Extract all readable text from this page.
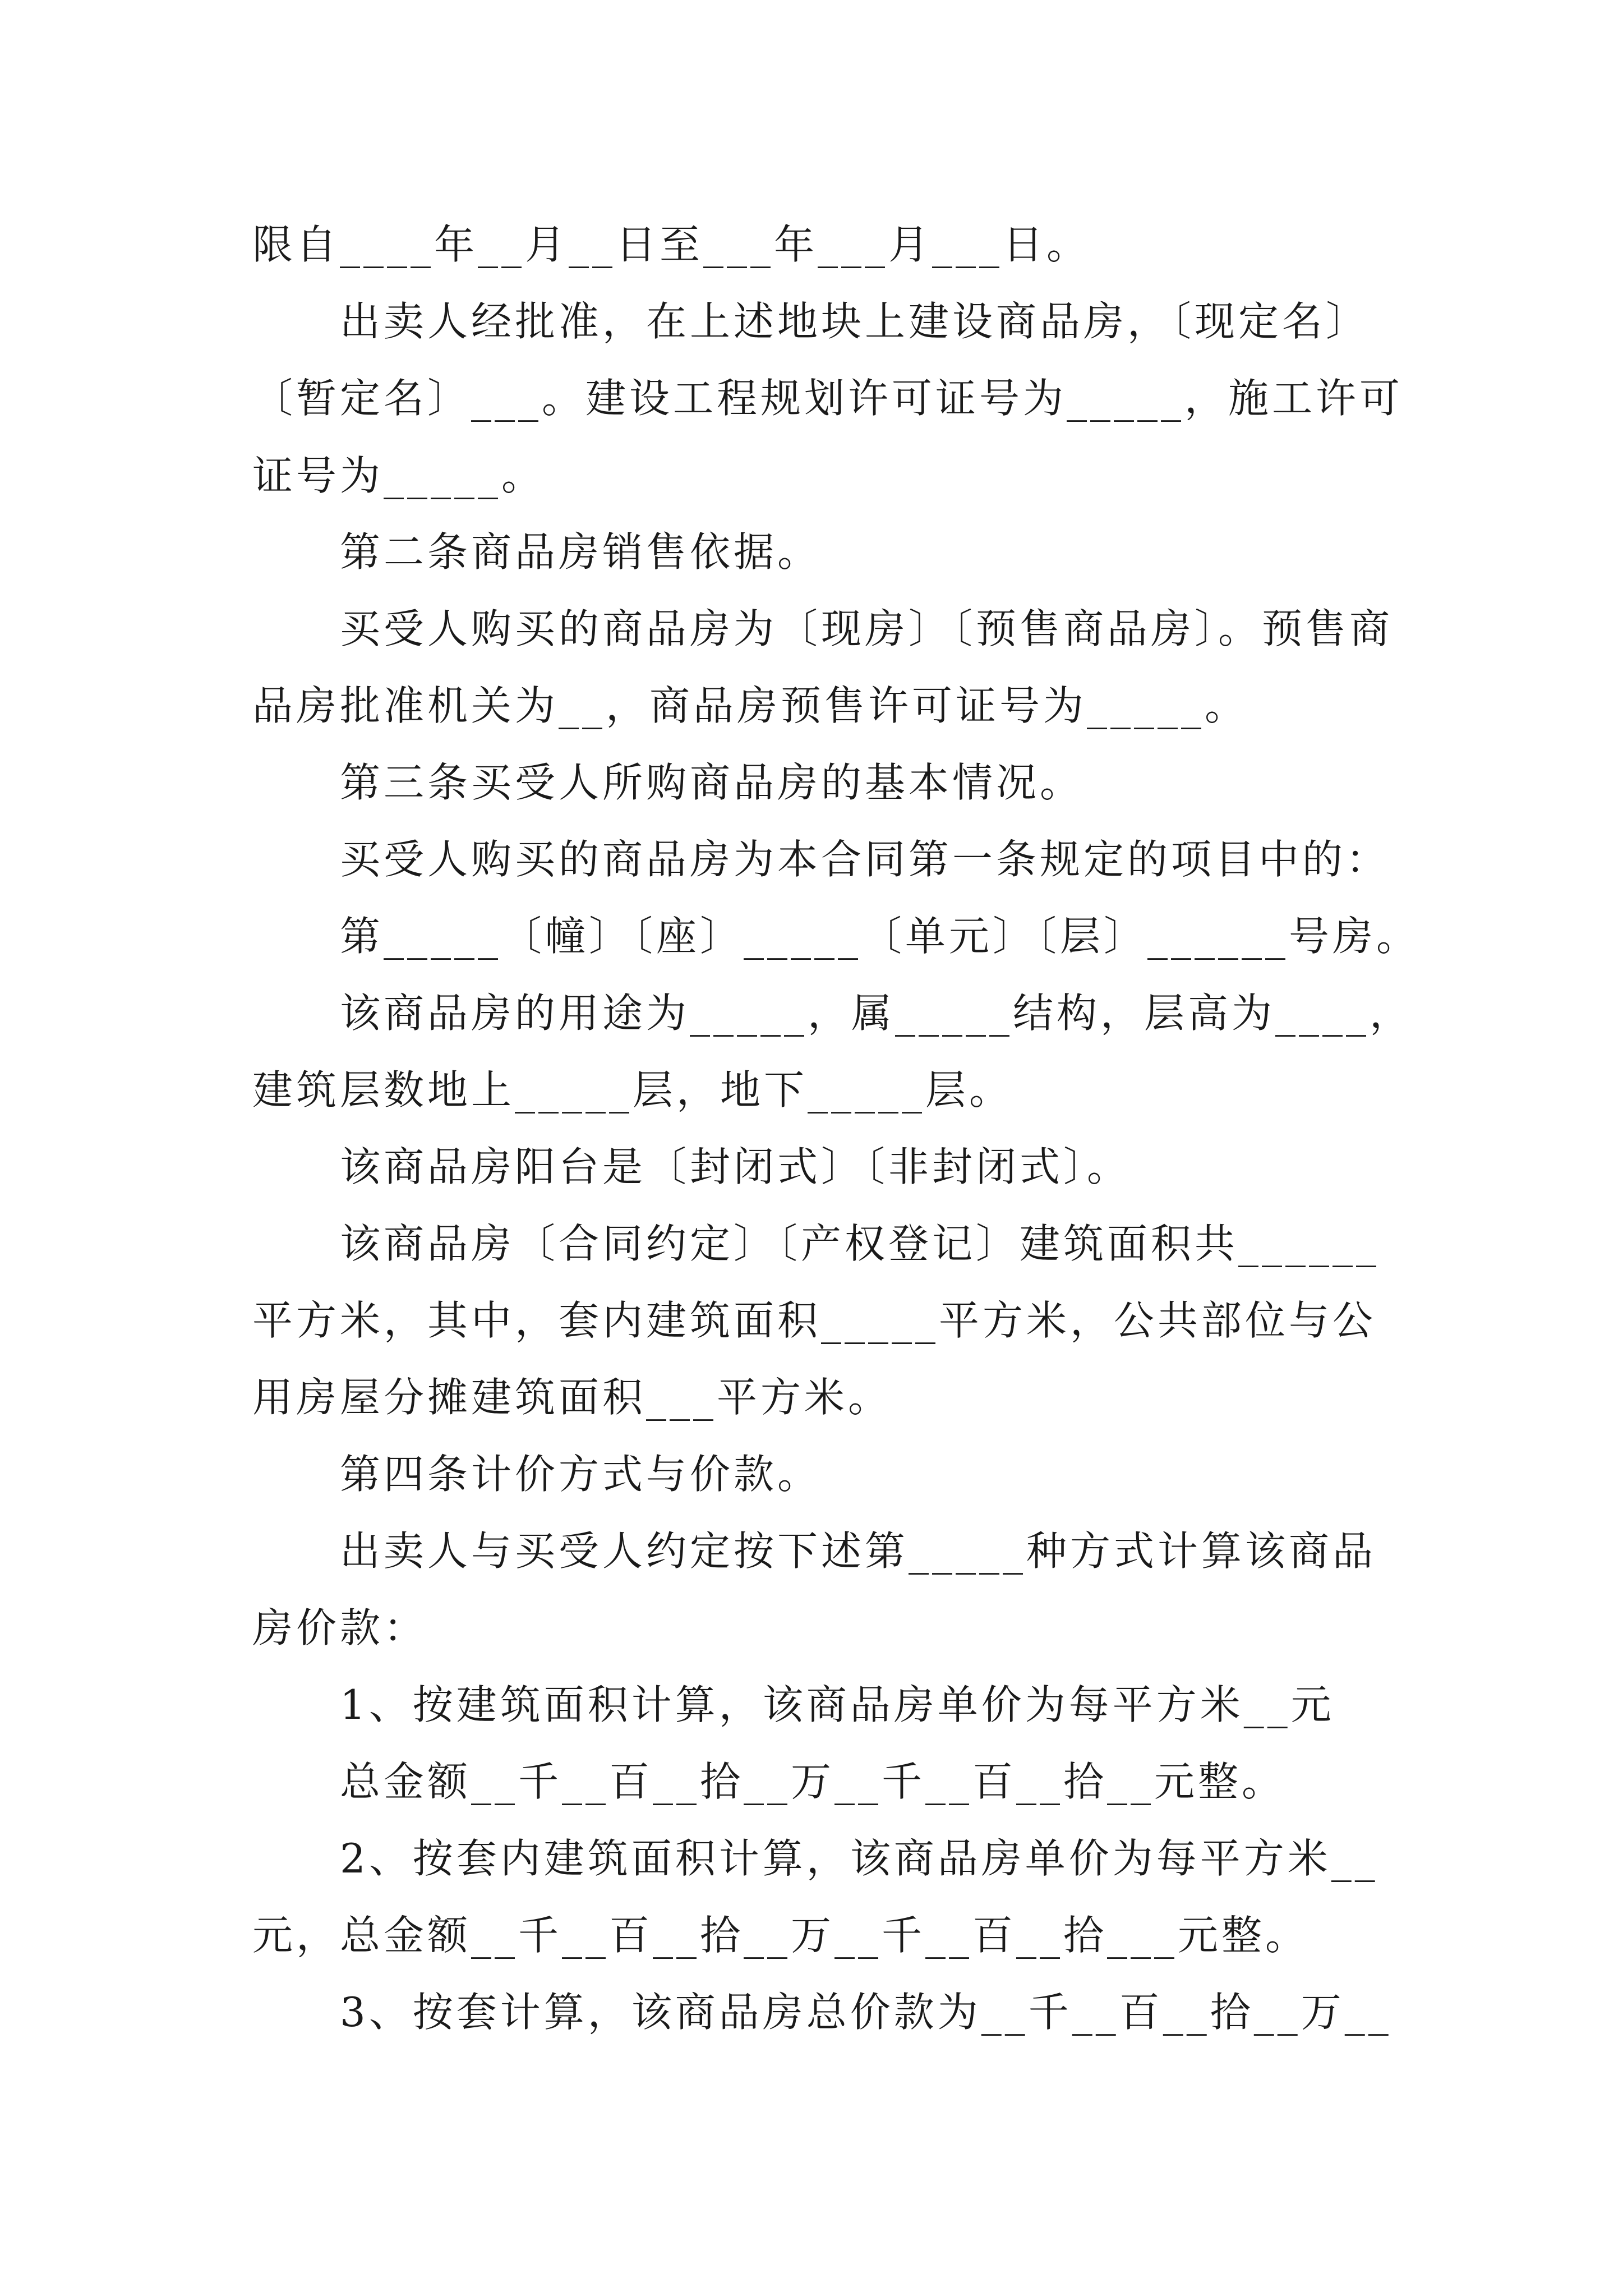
限自____年__月__日至___年___月___日。
出卖人经批准，在上述地块上建设商品房，〔现定名〕
〔暂定名〕___。建设工程规划许可证号为_____，施工许可
证号为_____。
第二条商品房销售依据。
买受人购买的商品房为〔现房〕〔预售商品房〕。预售商
品房批准机关为__，商品房预售许可证号为_____。
第三条买受人所购商品房的基本情况。
买受人购买的商品房为本合同第一条规定的项目中的：
第_____〔幢〕〔座〕_____〔单元〕〔层〕______号房。
该商品房的用途为_____，属_____结构，层高为____，
建筑层数地上_____层，地下_____层。
该商品房阳台是〔封闭式〕〔非封闭式〕。
该商品房〔合同约定〕〔产权登记〕建筑面积共______
平方米，其中，套内建筑面积_____平方米，公共部位与公
用房屋分摊建筑面积___平方米。
第四条计价方式与价款。
出卖人与买受人约定按下述第_____种方式计算该商品
房价款：
1、按建筑面积计算，该商品房单价为每平方米__元
总金额__千__百__拾__万__千__百__拾__元整。
2、按套内建筑面积计算，该商品房单价为每平方米__
元，总金额__千__百__拾__万__千__百__拾___元整。
3、按套计算，该商品房总价款为__千__百__拾__万__
